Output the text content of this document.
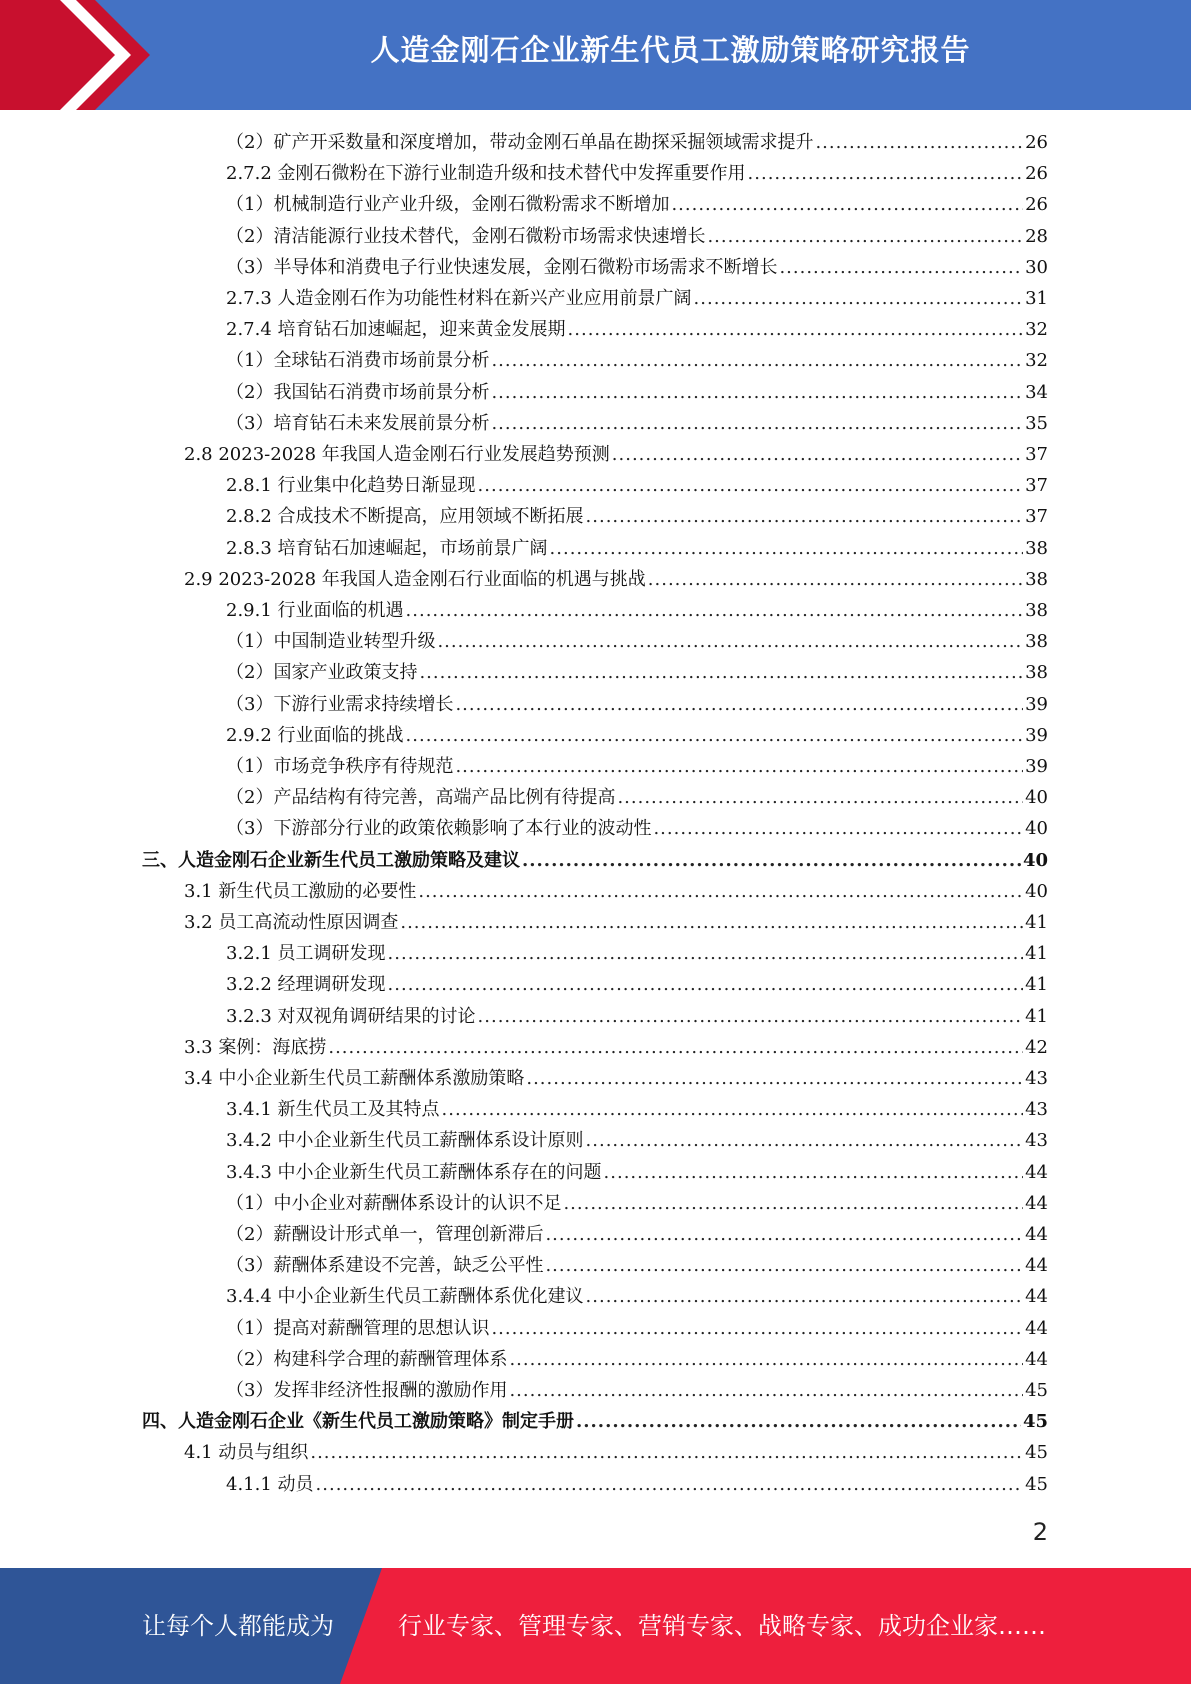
人造金刚石企业新生代员工激励策略研究报告
（2）矿产开采数量和深度增加，带动金刚石单晶在勘探采掘领域需求提升 .....	26
2.7.2 金刚石微粉在下游行业制造升级和技术替代中发挥重要作用 .....	26
（1）机械制造行业产业升级，金刚石微粉需求不断增加 .....	26
（2）清洁能源行业技术替代，金刚石微粉市场需求快速增长 .....	28
（3）半导体和消费电子行业快速发展，金刚石微粉市场需求不断增长 .....	30
2.7.3 人造金刚石作为功能性材料在新兴产业应用前景广阔 .....	31
2.7.4 培育钻石加速崛起，迎来黄金发展期 .....	32
（1）全球钻石消费市场前景分析 .....	32
（2）我国钻石消费市场前景分析 .....	34
（3）培育钻石未来发展前景分析 .....	35
2.8 2023-2028 年我国人造金刚石行业发展趋势预测 .....	37
2.8.1 行业集中化趋势日渐显现 .....	37
2.8.2 合成技术不断提高，应用领域不断拓展 .....	37
2.8.3 培育钻石加速崛起，市场前景广阔 .....	38
2.9 2023-2028 年我国人造金刚石行业面临的机遇与挑战 .....	38
2.9.1 行业面临的机遇 .....	38
（1）中国制造业转型升级 .....	38
（2）国家产业政策支持 .....	38
（3）下游行业需求持续增长 .....	39
2.9.2 行业面临的挑战 .....	39
（1）市场竞争秩序有待规范 .....	39
（2）产品结构有待完善，高端产品比例有待提高 .....	40
（3）下游部分行业的政策依赖影响了本行业的波动性 .....	40
三、人造金刚石企业新生代员工激励策略及建议 .....	40
3.1 新生代员工激励的必要性 .....	40
3.2 员工高流动性原因调查 .....	41
3.2.1 员工调研发现 .....	41
3.2.2 经理调研发现 .....	41
3.2.3 对双视角调研结果的讨论 .....	41
3.3 案例：海底捞 .....	42
3.4 中小企业新生代员工薪酬体系激励策略 .....	43
3.4.1 新生代员工及其特点 .....	43
3.4.2 中小企业新生代员工薪酬体系设计原则 .....	43
3.4.3 中小企业新生代员工薪酬体系存在的问题 .....	44
（1）中小企业对薪酬体系设计的认识不足 .....	44
（2）薪酬设计形式单一，管理创新滞后 .....	44
（3）薪酬体系建设不完善，缺乏公平性 .....	44
3.4.4 中小企业新生代员工薪酬体系优化建议 .....	44
（1）提高对薪酬管理的思想认识 .....	44
（2）构建科学合理的薪酬管理体系 .....	44
（3）发挥非经济性报酬的激励作用 .....	45
四、人造金刚石企业《新生代员工激励策略》制定手册 .....	45
4.1 动员与组织 .....	45
4.1.1 动员 .....	45
2
让每个人都能成为	行业专家、管理专家、营销专家、战略专家、成功企业家……
